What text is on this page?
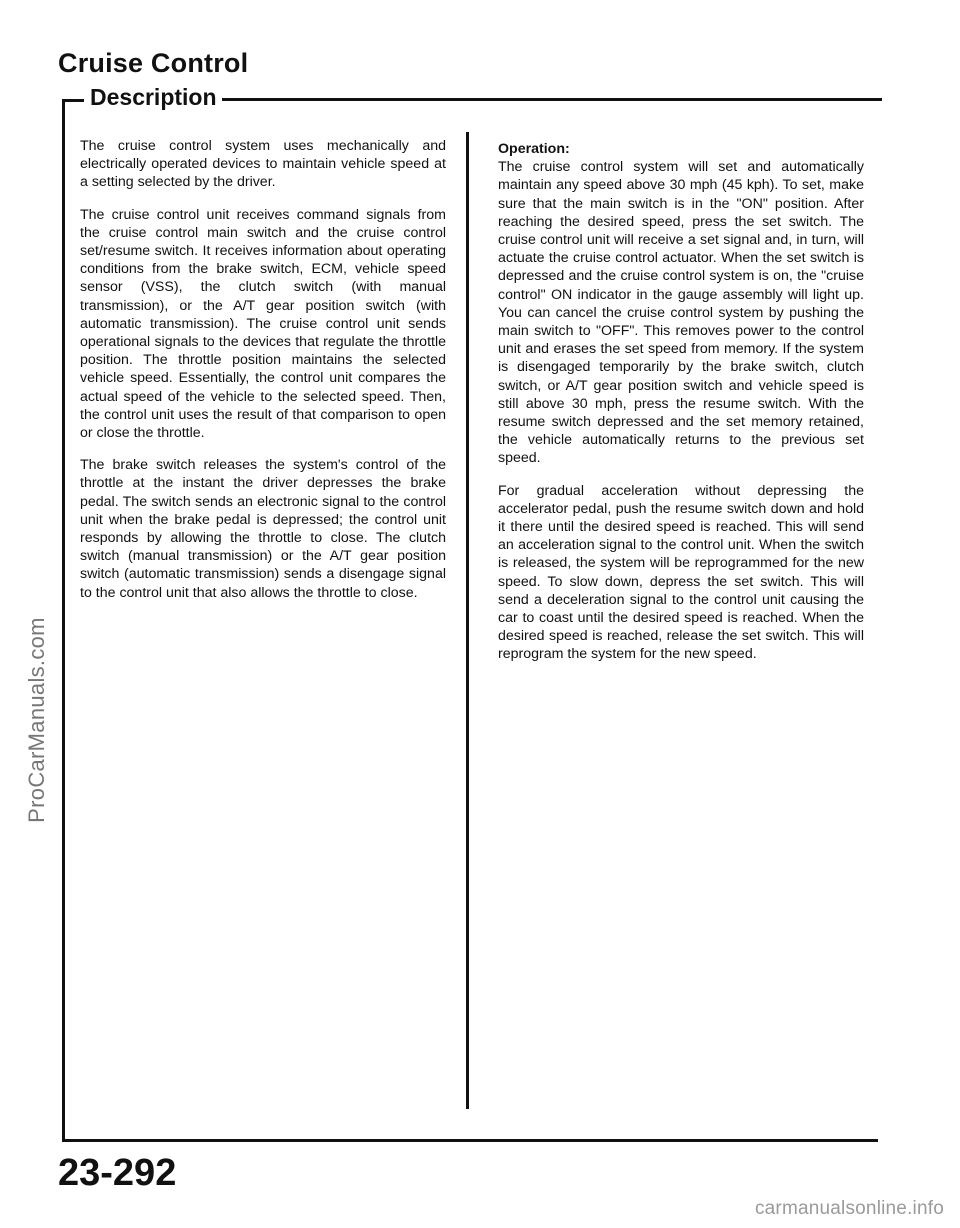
Cruise Control
Description

The cruise control system uses mechanically and electrically operated devices to maintain vehicle speed at a setting selected by the driver.

The cruise control unit receives command signals from the cruise control main switch and the cruise control set/resume switch. It receives information about operating conditions from the brake switch, ECM, vehicle speed sensor (VSS), the clutch switch (with manual transmission), or the A/T gear position switch (with automatic transmission). The cruise control unit sends operational signals to the devices that regulate the throttle position. The throttle position maintains the selected vehicle speed. Essentially, the control unit compares the actual speed of the vehicle to the selected speed. Then, the control unit uses the result of that comparison to open or close the throttle.

The brake switch releases the system's control of the throttle at the instant the driver depresses the brake pedal. The switch sends an electronic signal to the control unit when the brake pedal is depressed; the control unit responds by allowing the throttle to close. The clutch switch (manual transmission) or the A/T gear position switch (automatic transmission) sends a disengage signal to the control unit that also allows the throttle to close.

Operation:
The cruise control system will set and automatically maintain any speed above 30 mph (45 kph). To set, make sure that the main switch is in the "ON" position. After reaching the desired speed, press the set switch. The cruise control unit will receive a set signal and, in turn, will actuate the cruise control actuator. When the set switch is depressed and the cruise control system is on, the "cruise control" ON indicator in the gauge assembly will light up. You can cancel the cruise control system by pushing the main switch to "OFF". This removes power to the control unit and erases the set speed from memory. If the system is disengaged temporarily by the brake switch, clutch switch, or A/T gear position switch and vehicle speed is still above 30 mph, press the resume switch. With the resume switch depressed and the set memory retained, the vehicle automatically returns to the previous set speed.

For gradual acceleration without depressing the accelerator pedal, push the resume switch down and hold it there until the desired speed is reached. This will send an acceleration signal to the control unit. When the switch is released, the system will be reprogrammed for the new speed. To slow down, depress the set switch. This will send a deceleration signal to the control unit causing the car to coast until the desired speed is reached. When the desired speed is reached, release the set switch. This will reprogram the system for the new speed.

ProCarManuals.com
23-292
carmanualsonline.info
